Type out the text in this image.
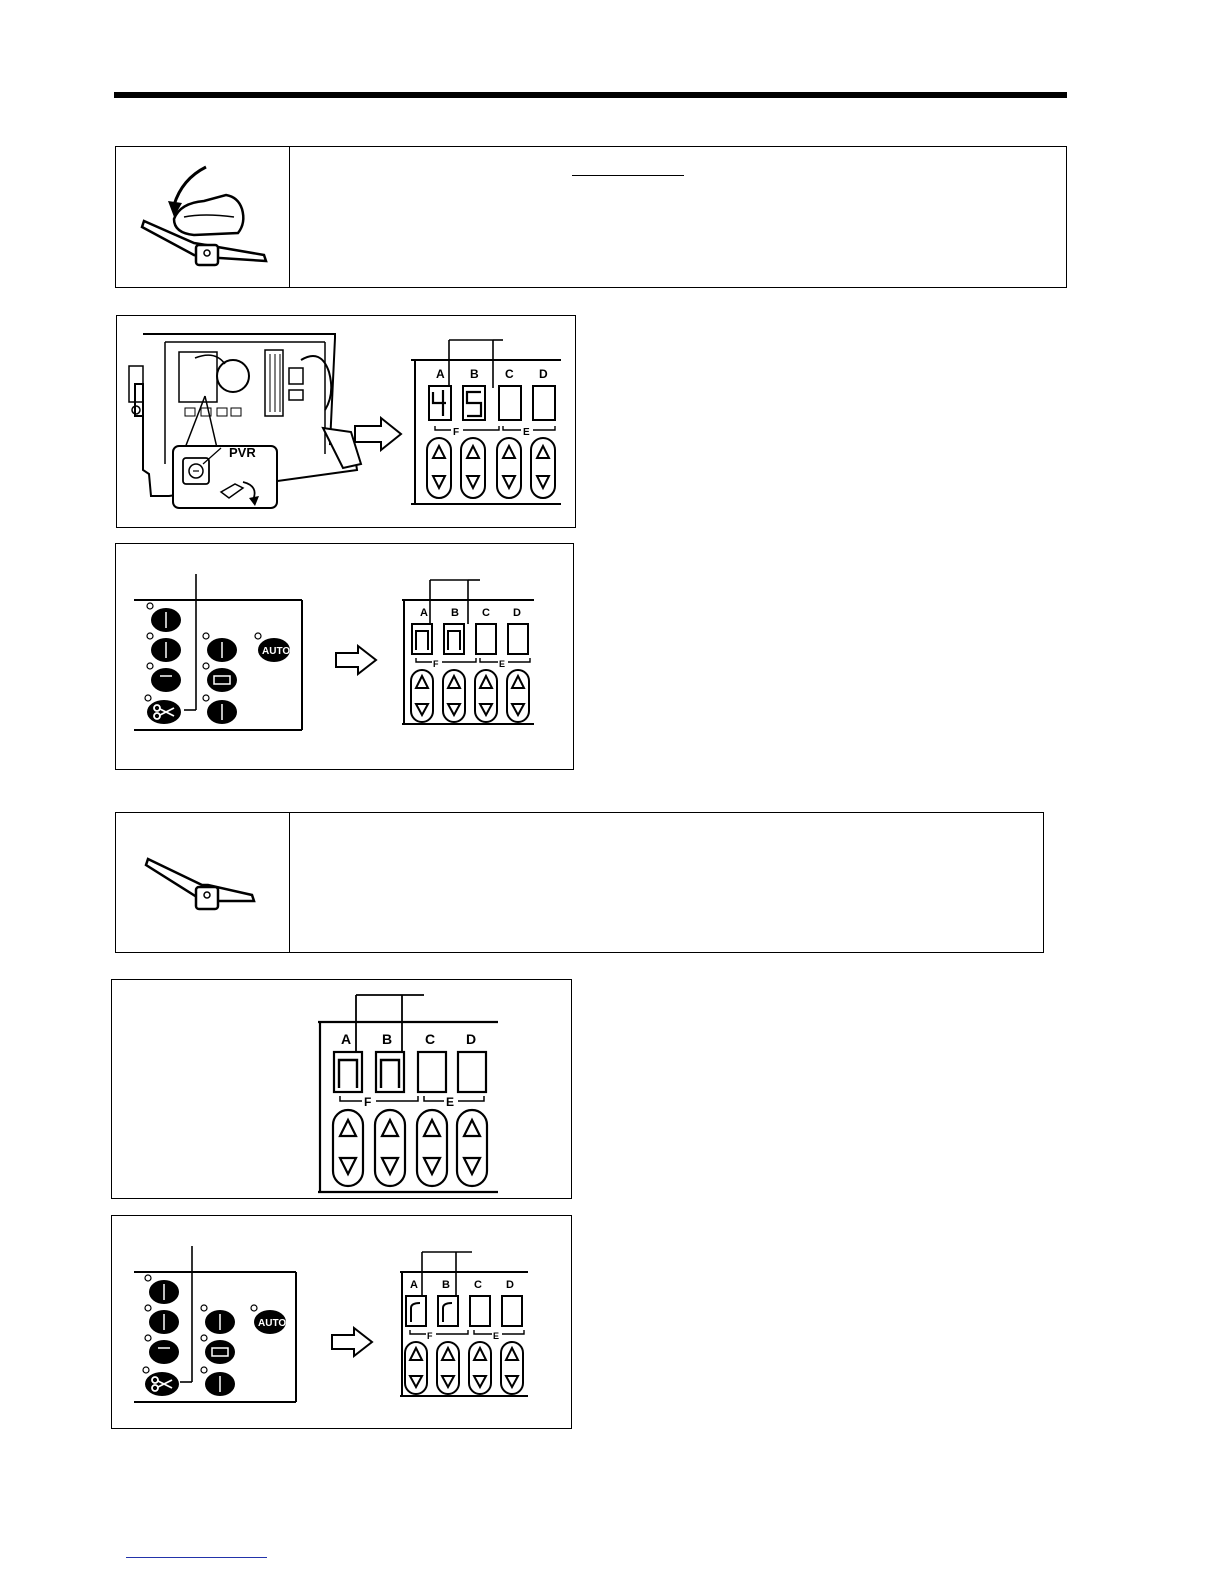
PVR
A B C D
F	E
AUTO
A B C D
F	E
A B C D
F	E
AUTO
A B C D
F	E
